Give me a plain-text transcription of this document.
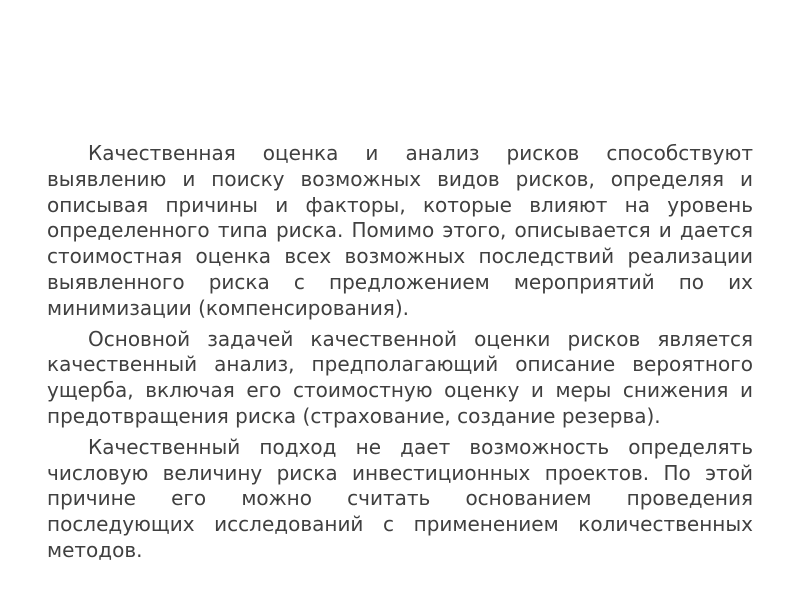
Качественная оценка и анализ рисков способствуют выявлению и поиску возможных видов рисков, определяя и описывая причины и факторы, которые влияют на уровень определенного типа риска. Помимо этого, описывается и дается стоимостная оценка всех возможных последствий реализации выявленного риска с предложением мероприятий по их минимизации (компенсирования).

Основной задачей качественной оценки рисков является качественный анализ, предполагающий описание вероятного ущерба, включая его стоимостную оценку и меры снижения и предотвращения риска (страхование, создание резерва).

Качественный подход не дает возможность определять числовую величину риска инвестиционных проектов. По этой причине его можно считать основанием проведения последующих исследований с применением количественных методов.
